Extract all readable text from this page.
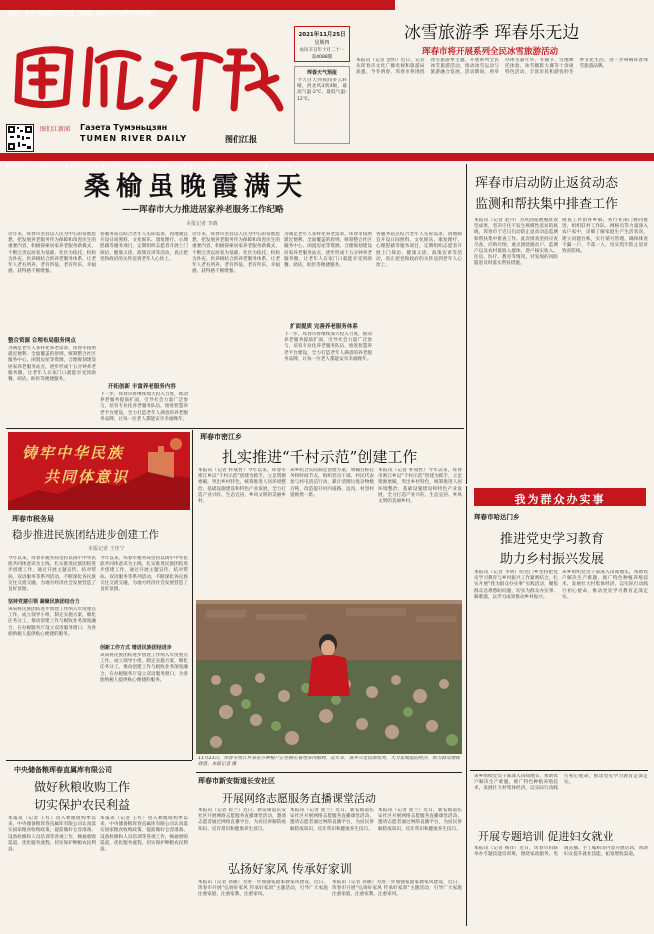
每天，来自中国图们江区域（珲春）国际合作示范区的问候！
图们江新闻 Газета Тумэньцзян
TUMEN RIVER DAILY	图们江报
2021年11月25日
星期四
农历辛丑年十月二十一
第4088期
珲春天气预报
今天白天到夜间多云转晴，西北风3到4级，最高气温-2℃，最低气温-12℃。
冰雪旅游季 珲春乐无边
珲春市将开展系列全民冰雪旅游活动
本报讯（记者 金明）近日，记者从珲春市文化广播电视和旅游局获悉，今冬明春，珲春市将围绕冰雪旅游季主题，开展系列全民冰雪旅游活动，推动冰雪运动与旅游融合发展。活动期间，将举办冰雪嘉年华、冬捕节、雪地摩托体验、冰雪摄影大赛等十余项特色活动，丰富市民和游客的冬季文化生活，进一步叫响珲春冰雪旅游品牌。
● 国内统一刊号 CN22-0012 ● 邮发代号 11-8 ● 电子邮箱 tumenjiangbao@163.com ● 图们江报新闻网 www.tmjwnews.net ● 本报共 4 版
桑榆虽晚霞满天
——珲春市大力推进居家养老服务工作纪略
本报记者 李森
近年来，珲春市坚持以人民为中心的发展思想，把发展养老服务作为保障和改善民生的重要内容，积极探索居家养老服务新模式，不断完善以居家为基础、社区为依托、机构为补充、医养相结合的养老服务体系，让老年人老有所养、老有所依、老有所乐，幸福感、获得感不断增强。
整合资源 合理布局服务网点
为满足老年人多样化养老需求，珲春市按照就近便利、全面覆盖的原则，统筹整合社区服务中心、闲置房屋等资源，合理规划建设居家养老服务站点，逐步形成十五分钟养老服务圈，让老年人在家门口就能享受到助餐、助洁、助医等便捷服务。
各服务站点结合老年人实际需求，因地制宜开设日间照料、文化娱乐、康复理疗、心理慰藉等服务项目，定期组织志愿者开展上门探访、健康义诊、政策宣讲等活动，真正把党和政府的关怀送到老年人心坎上。
开拓创新 丰富养老服务内容
下一步，珲春市将继续加大投入力度，推动养老服务提质扩面，引导社会力量广泛参与，培育专业化养老服务队伍，推进智慧养老平台建设，全力打造老年人满意的养老服务品牌，让每一位老人都能安享幸福晚年。
近年来，珲春市坚持以人民为中心的发展思想，把发展养老服务作为保障和改善民生的重要内容，积极探索居家养老服务新模式，不断完善以居家为基础、社区为依托、机构为补充、医养相结合的养老服务体系，让老年人老有所养、老有所依、老有所乐，幸福感、获得感不断增强。
为满足老年人多样化养老需求，珲春市按照就近便利、全面覆盖的原则，统筹整合社区服务中心、闲置房屋等资源，合理规划建设居家养老服务站点，逐步形成十五分钟养老服务圈，让老年人在家门口就能享受到助餐、助洁、助医等便捷服务。
扩面提质 完善养老服务体系
下一步，珲春市将继续加大投入力度，推动养老服务提质扩面，引导社会力量广泛参与，培育专业化养老服务队伍，推进智慧养老平台建设，全力打造老年人满意的养老服务品牌，让每一位老人都能安享幸福晚年。
各服务站点结合老年人实际需求，因地制宜开设日间照料、文化娱乐、康复理疗、心理慰藉等服务项目，定期组织志愿者开展上门探访、健康义诊、政策宣讲等活动，真正把党和政府的关怀送到老年人心坎上。
珲春市启动防止返贫动态
监测和帮扶集中排查工作
本报讯（记者 赵丹）为巩固拓展脱贫攻坚成果，坚决守住不发生规模性返贫的底线，珲春市于近日启动防止返贫动态监测和帮扶集中排查工作。此次排查坚持应查尽查、应纳尽纳，重点围绕脱贫户、监测户以及农村低收入群体，逐户核实收入、住房、医疗、教育等情况，对发现的风险隐患及时落实帮扶措施。
排查工作由各乡镇、各行业部门协同推进，组织驻村工作队、网格员等力量深入农户家中，详细了解家庭生产生活状况，建立问题台账，实行销号管理，确保排查不漏一户、不落一人，切实筑牢防止返贫致贫防线。
铸牢中华民族
共同体意识
珲春市税务局
稳步推进民族团结进步创建工作
本报记者 王佳宁
今年以来，珲春市税务局坚持以铸牢中华民族共同体意识为主线，扎实推进民族团结进步创建工作，通过开展主题宣传、结对帮扶、双语服务等系列活动，不断深化各民族交往交流交融，为地方经济社会发展营造了良好氛围。
坚持党建引领 凝聚民族团结合力
该局将民族团结进步创建工作纳入年度重点工作，成立领导小组，制定实施方案，细化任务分工，推动创建工作与税收业务深度融合，在办税服务厅设立双语服务窗口，为各族纳税人提供贴心便捷的服务。
今年以来，珲春市税务局坚持以铸牢中华民族共同体意识为主线，扎实推进民族团结进步创建工作，通过开展主题宣传、结对帮扶、双语服务等系列活动，不断深化各民族交往交流交融，为地方经济社会发展营造了良好氛围。
创新工作方式 增进民族团结进步
该局将民族团结进步创建工作纳入年度重点工作，成立领导小组，制定实施方案，细化任务分工，推动创建工作与税收业务深度融合，在办税服务厅设立双语服务窗口，为各族纳税人提供贴心便捷的服务。
珲春市密江乡
扎实推进“千村示范”创建工作
本报讯（记者 朴成哲）今年以来，珲春市密江乡以“千村示范”创建为抓手，立足资源禀赋，突出乡村特色，统筹推进人居环境整治、基础设施建设和特色产业发展，全力打造产业兴旺、生态宜居、乡风文明的美丽乡村。
该乡结合实际制定创建方案，明确目标任务和时间节点，组织党员干部、村民代表参与村屯清洁行动，累计清理垃圾杂物数百吨，改造提升村内道路、边沟，村容村貌焕然一新。
本报讯（记者 朴成哲）今年以来，珲春市密江乡以“千村示范”创建为抓手，立足资源禀赋，突出乡村特色，统筹推进人居环境整治、基础设施建设和特色产业发展，全力打造产业兴旺、生态宜居、乡风文明的美丽乡村。
11月23日，珲春市密江乡某花卉种植户正在精心管理多肉植物。近年来，该乡立足资源优势，大力发展庭院经济，助力群众增收致富。本报记者 摄
我为群众办实事
珲春市哈达门乡
推进党史学习教育
助力乡村振兴发展
本报讯（记者 李明）哈达门乡坚持把党史学习教育与乡村振兴工作紧密结合，扎实开展“我为群众办实事”实践活动，聚焦群众急难愁盼问题，切实为群众办实事、解难题，以学习成果推动乡村振兴。
该乡组织党员干部深入田间地头，帮助农户解决生产难题，推广特色种植养殖技术，发展壮大村集体经济，以实际行动践行初心使命，推动党史学习教育走深走实。
中央储备粮珲春直属库有限公司
做好秋粮收购工作
切实保护农民利益
本报讯（记者 王红）进入秋粮收购季以来，中央储备粮珲春直属库有限公司认真落实国家粮食收购政策，提前做好仓容准备、设备检修和人员培训等各项工作，畅通收购渠道，优化服务流程，切实保护种粮农民利益。
本报讯（记者 王红）进入秋粮收购季以来，中央储备粮珲春直属库有限公司认真落实国家粮食收购政策，提前做好仓容准备、设备检修和人员培训等各项工作，畅通收购渠道，优化服务流程，切实保护种粮农民利益。
珲春市新安街道长安社区
开展网络志愿服务直播课堂活动
本报讯（记者 崔兰）近日，新安街道长安社区开展网络志愿服务直播课堂活动，邀请志愿者通过网络直播平台，为居民讲解防疫知识、反诈常识和健康养生技巧。
本报讯（记者 崔兰）近日，新安街道长安社区开展网络志愿服务直播课堂活动，邀请志愿者通过网络直播平台，为居民讲解防疫知识、反诈常识和健康养生技巧。
本报讯（记者 崔兰）近日，新安街道长安社区开展网络志愿服务直播课堂活动，邀请志愿者通过网络直播平台，为居民讲解防疫知识、反诈常识和健康养生技巧。
弘扬好家风 传承好家训
本报讯（记者 孙丽）为进一步加强家庭家教家风建设，近日，珲春市开展“弘扬好家风 传承好家训”主题活动，引导广大家庭注重家庭、注重家教、注重家风。
本报讯（记者 孙丽）为进一步加强家庭家教家风建设，近日，珲春市开展“弘扬好家风 传承好家训”主题活动，引导广大家庭注重家庭、注重家教、注重家风。
该乡组织党员干部深入田间地头，帮助农户解决生产难题，推广特色种植养殖技术，发展壮大村集体经济，以实际行动践行初心使命，推动党史学习教育走深走实。
开展专题培训 促进妇女就业
本报讯（记者 杨洋）近日，珲春市妇联举办专题技能培训班，围绕家政服务、电商直播、手工编织等内容开展培训，帮助妇女提升就业技能，拓宽增收渠道。
